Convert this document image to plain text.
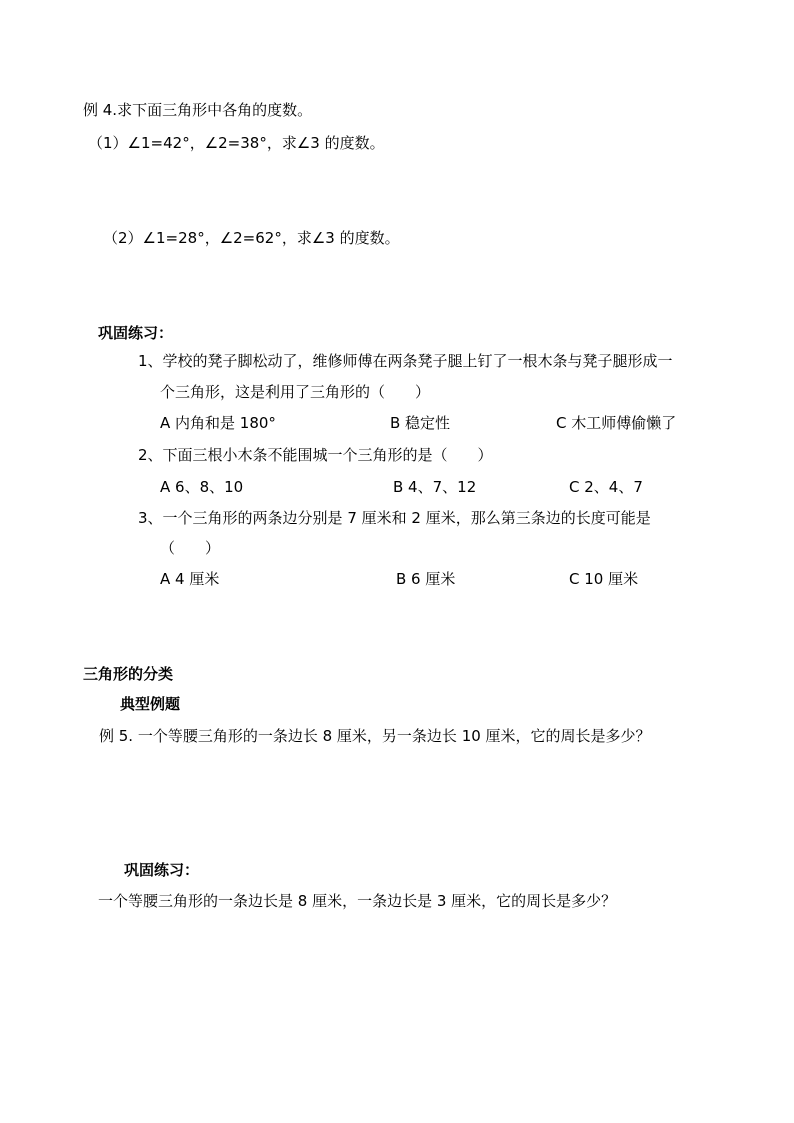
例 4.求下面三角形中各角的度数。
（1）∠1=42°，∠2=38°，求∠3 的度数。
（2）∠1=28°，∠2=62°，求∠3 的度数。
巩固练习：
1、学校的凳子脚松动了，维修师傅在两条凳子腿上钉了一根木条与凳子腿形成一
个三角形，这是利用了三角形的（　　）
A 内角和是 180°	B 稳定性	C 木工师傅偷懒了
2、下面三根小木条不能围城一个三角形的是（　　）
A 6、8、10	B 4、7、12	C 2、4、7
3、一个三角形的两条边分别是 7 厘米和 2 厘米，那么第三条边的长度可能是
（　　）
A 4 厘米	B 6 厘米	C 10 厘米
三角形的分类
典型例题
例 5. 一个等腰三角形的一条边长 8 厘米，另一条边长 10 厘米，它的周长是多少？
巩固练习：
一个等腰三角形的一条边长是 8 厘米，一条边长是 3 厘米，它的周长是多少？
